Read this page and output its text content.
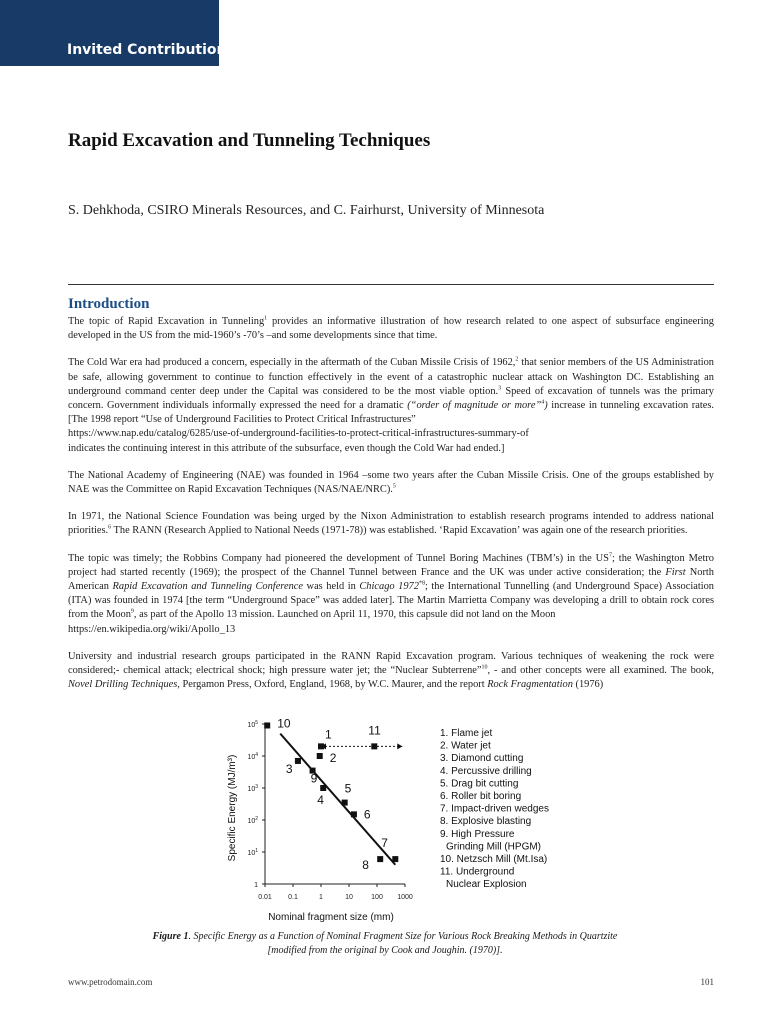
Invited Contribution
Rapid Excavation and Tunneling Techniques
S. Dehkhoda, CSIRO Minerals Resources, and C. Fairhurst, University of Minnesota
Introduction

The topic of Rapid Excavation in Tunneling$^1$ provides an informative illustration of how research related to one aspect of subsurface engineering developed in the US from the mid-1960’s -70’s –and some developments since that time.

The Cold War era had produced a concern, especially in the aftermath of the Cuban Missile Crisis of 1962,$^2$ that senior members of the US Administration be safe, allowing government to continue to function effectively in the event of a catastrophic nuclear attack on Washington DC. Establishing an underground command center deep under the Capital was considered to be the most viable option.$^3$ Speed of excavation of tunnels was the primary concern. Government individuals informally expressed the need for a dramatic (“order of magnitude or more”$^4$) increase in tunneling excavation rates. [The 1998 report “Use of Underground Facilities to Protect Critical Infrastructures”
https://www.nap.edu/catalog/6285/use-of-underground-facilities-to-protect-critical-infrastructures-summary-of
indicates the continuing interest in this attribute of the subsurface, even though the Cold War had ended.]

The National Academy of Engineering (NAE) was founded in 1964 –some two years after the Cuban Missile Crisis. One of the groups established by NAE was the Committee on Rapid Excavation Techniques (NAS/NAE/NRC).$^5$

In 1971, the National Science Foundation was being urged by the Nixon Administration to establish research programs intended to address national priorities.$^6$ The RANN (Research Applied to National Needs (1971-78)) was established. ‘Rapid Excavation’ was again one of the research priorities.

The topic was timely; the Robbins Company had pioneered the development of Tunnel Boring Machines (TBM’s) in the $US^7$; the Washington Metro project had started recently (1969); the prospect of the Channel Tunnel between France and the UK was under active consideration; the First North American Rapid Excavation and Tunneling Conference was held in Chicago 1972$^{*8}$; the International Tunnelling (and Underground Space) Association (ITA) was founded in 1974 [the term “Underground Space” was added later]. The Martin Marrietta Company was developing a drill to obtain rock cores from the Moon$^9$, as part of the Apollo 13 mission. Launched on April 11, 1970, this capsule did not land on the Moon
https://en.wikipedia.org/wiki/Apollo_13

University and industrial research groups participated in the RANN Rapid Excavation program. Various techniques of weakening the rock were considered;- chemical attack; electrical shock; high pressure water jet; the “Nuclear Subterrene”$^{10}$, - and other concepts were all examined. The book, Novel Drilling Techniques, Pergamon Press, Oxford, England, 1968, by W.C. Maurer, and the report Rock Fragmentation (1976)

0.01 0.1	1	10	100 1000
$10^5$
$10^4$
$10^3$
$10^2$
$10^1$
1
10
1
2
3
9
4
5
6
7
8
11	1. Flame jet
2. Water jet
3. Diamond cutting
4. Percussive drilling
5. Drag bit cutting
6. Roller bit boring
7. Impact-driven wedges
8. Explosive blasting
9. High Pressure
Grinding Mill (HPGM)
10. Netzsch Mill (Mt.Isa)
11. Underground
Nuclear Explosion
Nominal fragment size (mm)
Specific Energy (MJ/m³)
Figure 1. Specific Energy as a Function of Nominal Fragment Size for Various Rock Breaking Methods in Quartzite [modified from the original by Cook and Joughin. (1970)].
www.petrodomain.com	101
